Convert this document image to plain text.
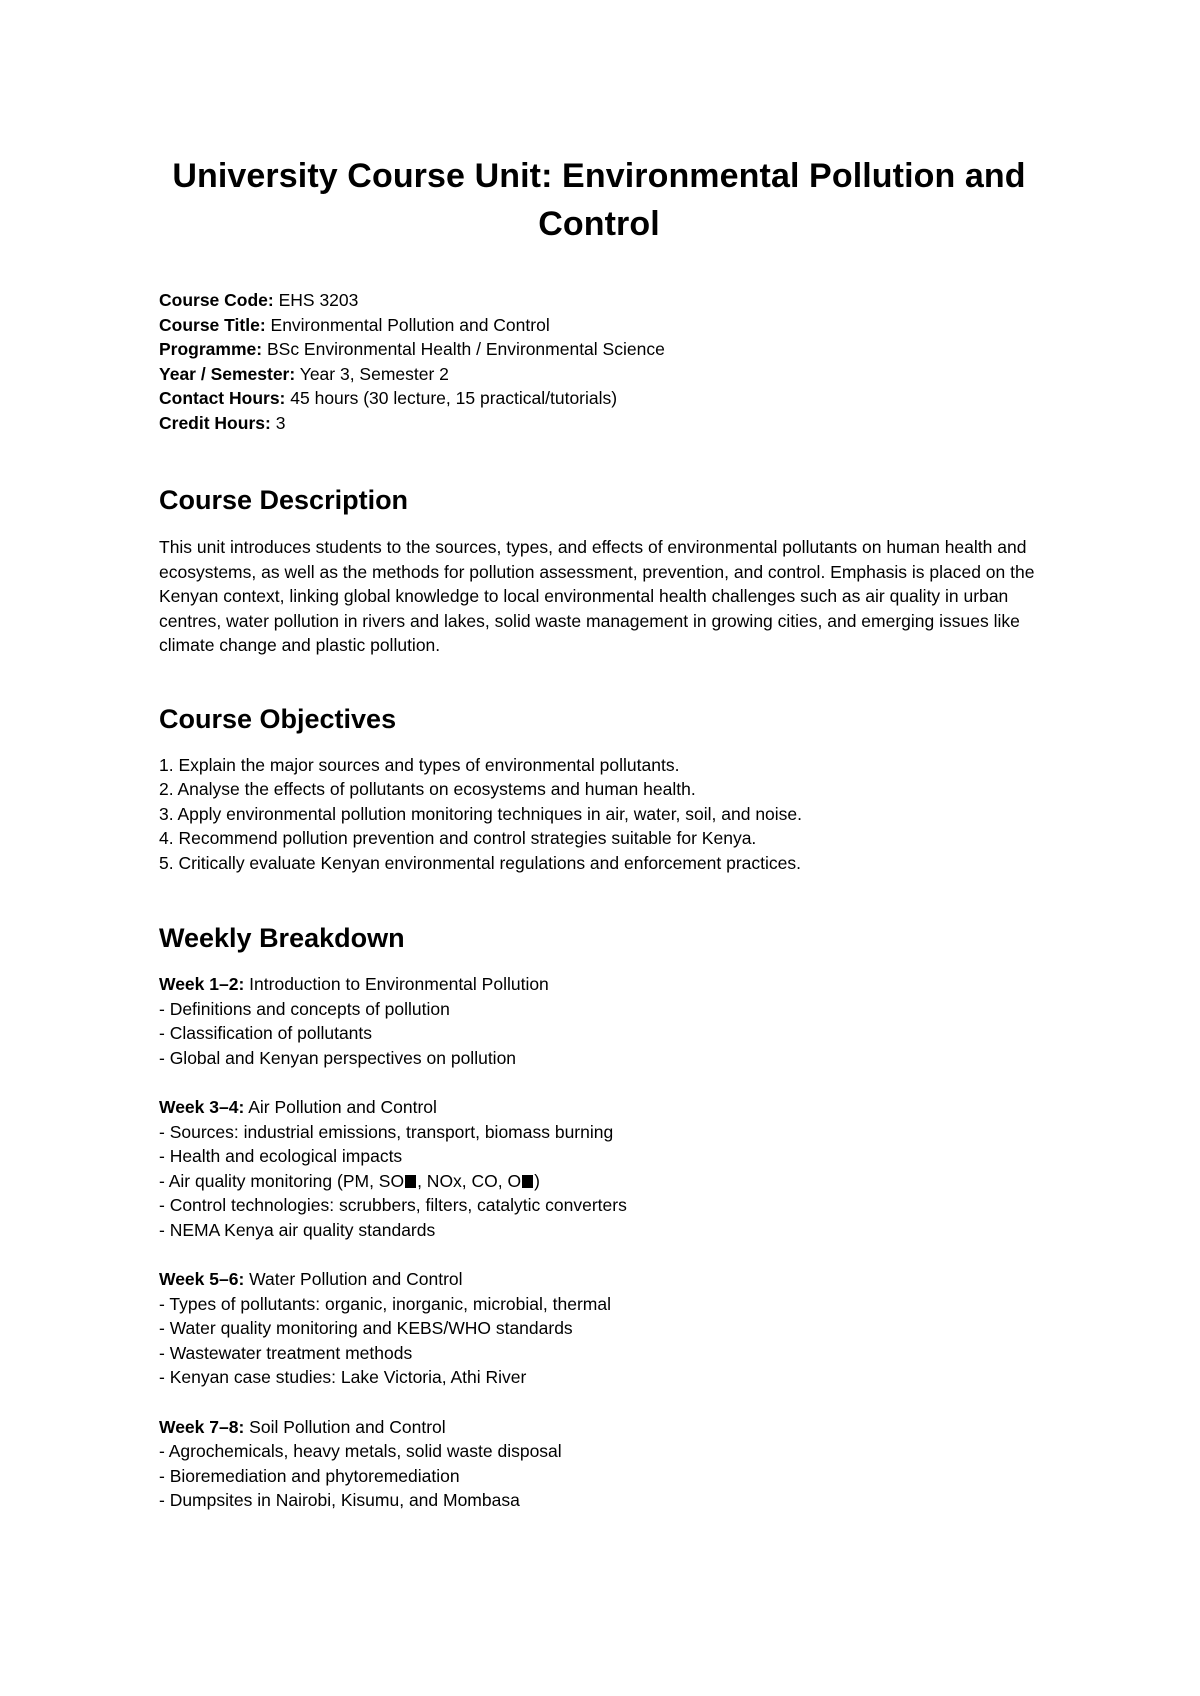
University Course Unit: Environmental Pollution and Control
Course Code: EHS 3203
Course Title: Environmental Pollution and Control
Programme: BSc Environmental Health / Environmental Science
Year / Semester: Year 3, Semester 2
Contact Hours: 45 hours (30 lecture, 15 practical/tutorials)
Credit Hours: 3
Course Description
This unit introduces students to the sources, types, and effects of environmental pollutants on human health and ecosystems, as well as the methods for pollution assessment, prevention, and control. Emphasis is placed on the Kenyan context, linking global knowledge to local environmental health challenges such as air quality in urban centres, water pollution in rivers and lakes, solid waste management in growing cities, and emerging issues like climate change and plastic pollution.
Course Objectives
1. Explain the major sources and types of environmental pollutants.
2. Analyse the effects of pollutants on ecosystems and human health.
3. Apply environmental pollution monitoring techniques in air, water, soil, and noise.
4. Recommend pollution prevention and control strategies suitable for Kenya.
5. Critically evaluate Kenyan environmental regulations and enforcement practices.
Weekly Breakdown
Week 1–2: Introduction to Environmental Pollution
- Definitions and concepts of pollution
- Classification of pollutants
- Global and Kenyan perspectives on pollution
Week 3–4: Air Pollution and Control
- Sources: industrial emissions, transport, biomass burning
- Health and ecological impacts
- Air quality monitoring (PM, SO , NOx, CO, O )
- Control technologies: scrubbers, filters, catalytic converters
- NEMA Kenya air quality standards
Week 5–6: Water Pollution and Control
- Types of pollutants: organic, inorganic, microbial, thermal
- Water quality monitoring and KEBS/WHO standards
- Wastewater treatment methods
- Kenyan case studies: Lake Victoria, Athi River
Week 7–8: Soil Pollution and Control
- Agrochemicals, heavy metals, solid waste disposal
- Bioremediation and phytoremediation
- Dumpsites in Nairobi, Kisumu, and Mombasa
